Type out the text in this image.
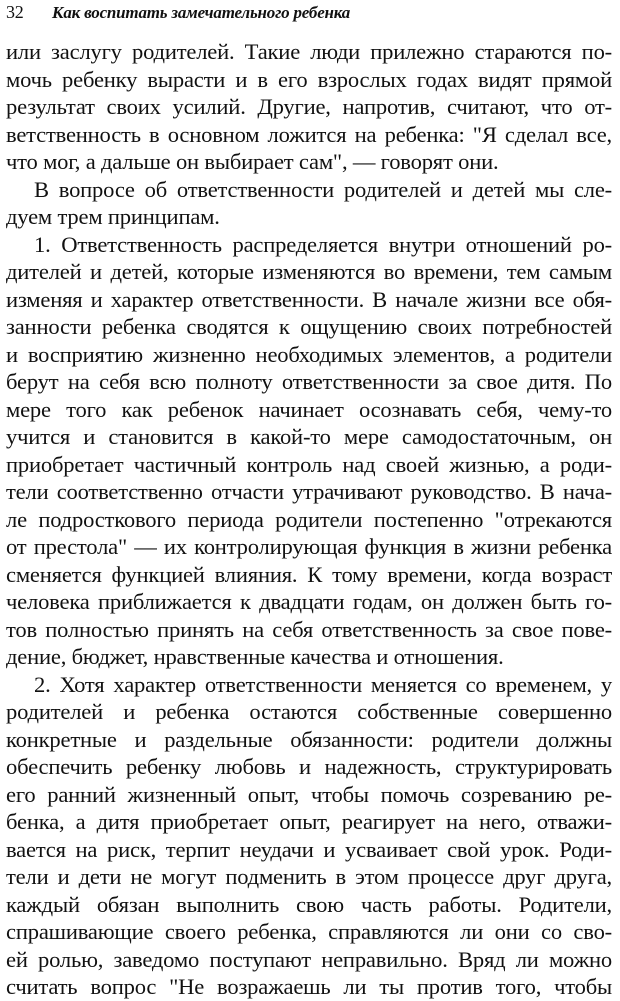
32	Как воспитать замечательного ребенка
или заслугу родителей. Такие люди прилежно стараются по-
мочь ребенку вырасти и в его взрослых годах видят прямой
результат своих усилий. Другие, напротив, считают, что от-
ветственность в основном ложится на ребенка: "Я сделал все,
что мог, а дальше он выбирает сам", — говорят они.
В вопросе об ответственности родителей и детей мы сле-
дуем трем принципам.
1. Ответственность распределяется внутри отношений ро-
дителей и детей, которые изменяются во времени, тем самым
изменяя и характер ответственности. В начале жизни все обя-
занности ребенка сводятся к ощущению своих потребностей
и восприятию жизненно необходимых элементов, а родители
берут на себя всю полноту ответственности за свое дитя. По
мере того как ребенок начинает осознавать себя, чему-то
учится и становится в какой-то мере самодостаточным, он
приобретает частичный контроль над своей жизнью, а роди-
тели соответственно отчасти утрачивают руководство. В нача-
ле подросткового периода родители постепенно "отрекаются
от престола" — их контролирующая функция в жизни ребенка
сменяется функцией влияния. К тому времени, когда возраст
человека приближается к двадцати годам, он должен быть го-
тов полностью принять на себя ответственность за свое пове-
дение, бюджет, нравственные качества и отношения.
2. Хотя характер ответственности меняется со временем, у
родителей и ребенка остаются собственные совершенно
конкретные и раздельные обязанности: родители должны
обеспечить ребенку любовь и надежность, структурировать
его ранний жизненный опыт, чтобы помочь созреванию ре-
бенка, а дитя приобретает опыт, реагирует на него, отважи-
вается на риск, терпит неудачи и усваивает свой урок. Роди-
тели и дети не могут подменить в этом процессе друг друга,
каждый обязан выполнить свою часть работы. Родители,
спрашивающие своего ребенка, справляются ли они со сво-
ей ролью, заведомо поступают неправильно. Вряд ли можно
считать вопрос "Не возражаешь ли ты против того, чтобы
